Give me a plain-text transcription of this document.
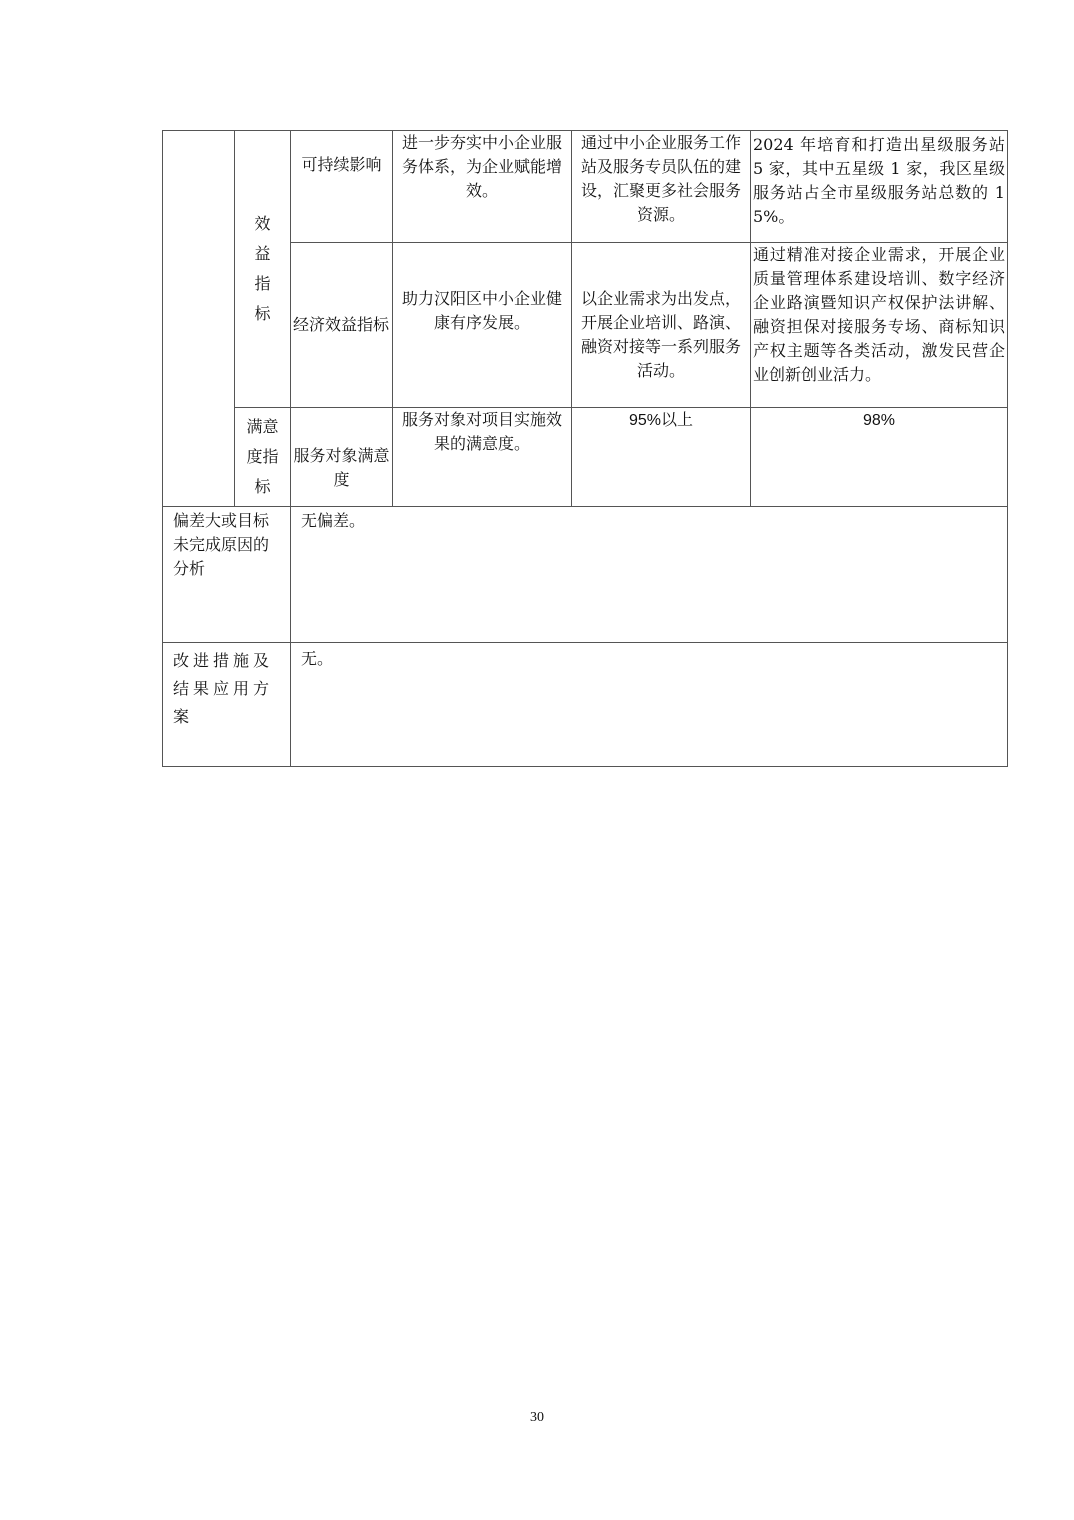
	效益指标	可持续影响	进一步夯实中小企业服务体系，为企业赋能增效。	通过中小企业服务工作站及服务专员队伍的建设，汇聚更多社会服务资源。	2024 年培育和打造出星级服务站 5 家，其中五星级 1 家，我区星级服务站占全市星级服务站总数的 15%。
		经济效益指标	助力汉阳区中小企业健康有序发展。	以企业需求为出发点，开展企业培训、路演、融资对接等一系列服务活动。	通过精准对接企业需求，开展企业质量管理体系建设培训、数字经济企业路演暨知识产权保护法讲解、融资担保对接服务专场、商标知识产权主题等各类活动，激发民营企业创新创业活力。

	满意度指标	服务对象满意度	服务对象对项目实施效果的满意度。	95%以上	98%
偏差大或目标未完成原因的分析		无偏差。			
改进措施及结果应用方案		无。			
30
